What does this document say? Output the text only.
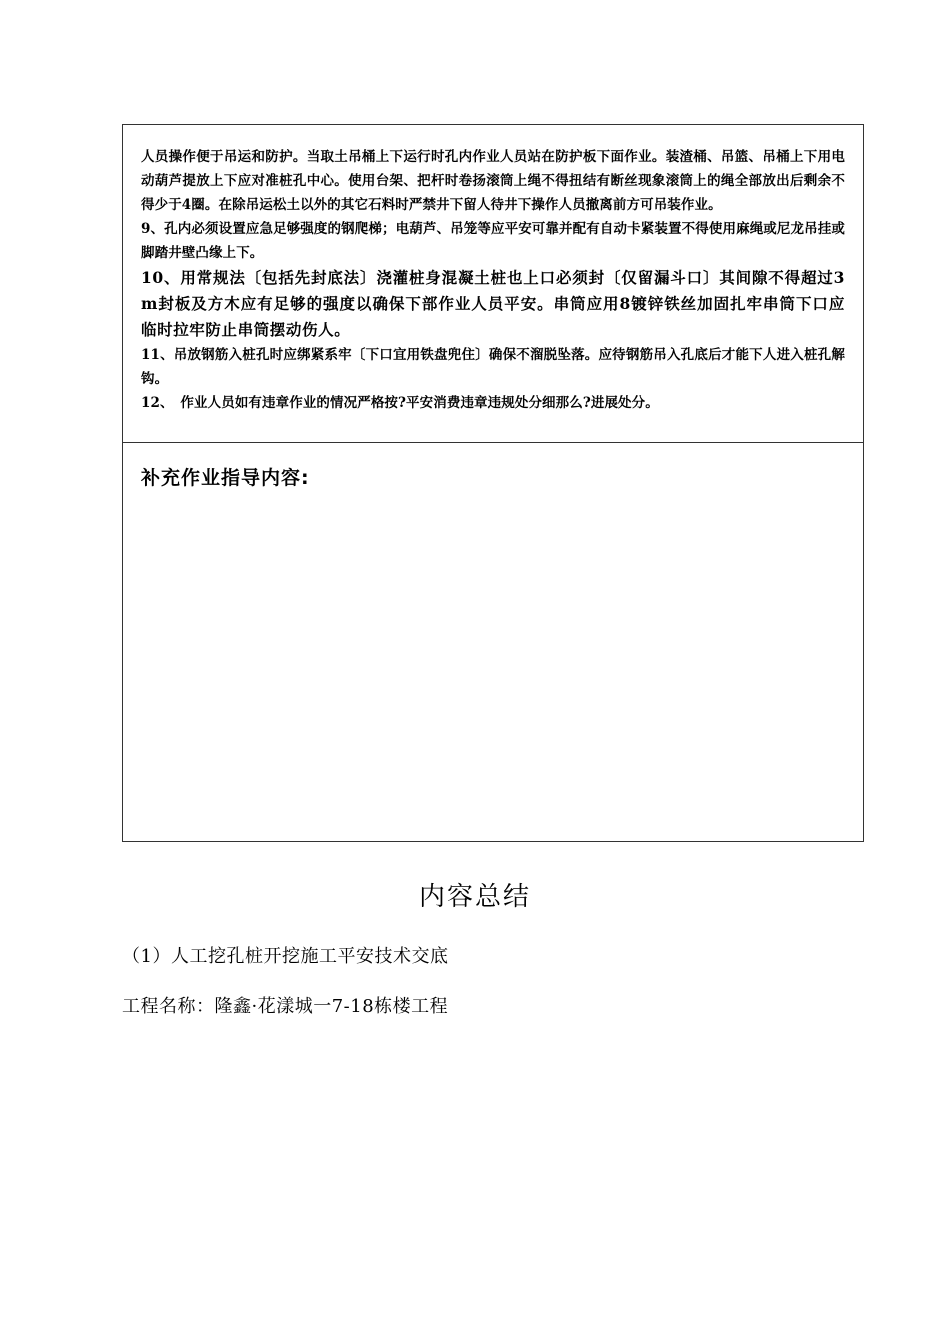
人员操作便于吊运和防护。当取土吊桶上下运行时孔内作业人员站在防护板下面作业。装渣桶、吊篮、吊桶上下用电动葫芦提放上下应对准桩孔中心。使用台架、把杆时卷扬滚筒上绳不得扭结有断丝现象滚筒上的绳全部放出后剩余不得少于4圈。在除吊运松土以外的其它石料时严禁井下留人待井下操作人员撤离前方可吊装作业。

9、孔内必须设置应急足够强度的钢爬梯；电葫芦、吊笼等应平安可靠并配有自动卡紧装置不得使用麻绳或尼龙吊挂或脚踏井壁凸缘上下。

10、用常规法〔包括先封底法〕浇灌桩身混凝土桩也上口必须封〔仅留漏斗口〕其间隙不得超过3m封板及方木应有足够的强度以确保下部作业人员平安。串筒应用8镀锌铁丝加固扎牢串筒下口应临时拉牢防止串筒摆动伤人。

11、吊放钢筋入桩孔时应绑紧系牢〔下口宜用铁盘兜住〕确保不溜脱坠落。应待钢筋吊入孔底后才能下人进入桩孔解钩。

12、　作业人员如有违章作业的情况严格按?平安消费违章违规处分细那么?进展处分。

补充作业指导内容:

内容总结

（1）人工挖孔桩开挖施工平安技术交底

工程名称：隆鑫·花漾城一7-18栋楼工程
